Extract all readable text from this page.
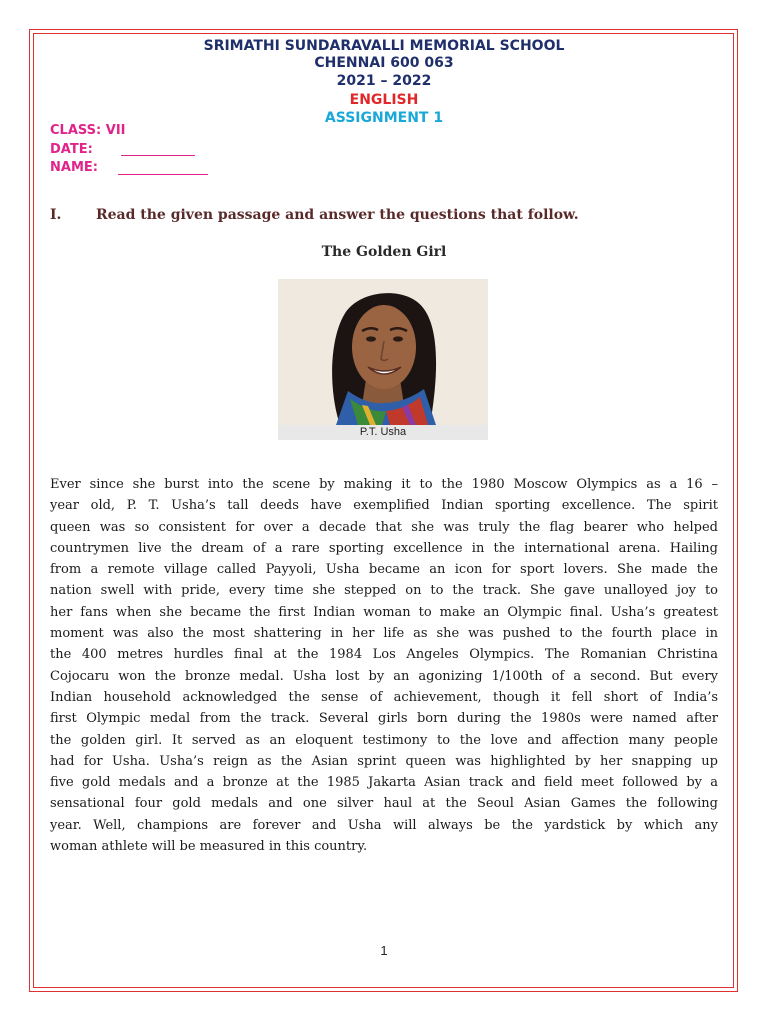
SRIMATHI SUNDARAVALLI MEMORIAL SCHOOL
CHENNAI 600 063
2021 – 2022
ENGLISH
ASSIGNMENT 1
CLASS: VII
DATE:
NAME:
I. Read the given passage and answer the questions that follow.
The Golden Girl
P.T. Usha
Ever since she burst into the scene by making it to the 1980 Moscow Olympics as a 16 –
year old, P. T. Usha’s tall deeds have exemplified Indian sporting excellence. The spirit
queen was so consistent for over a decade that she was truly the flag bearer who helped
countrymen live the dream of a rare sporting excellence in the international arena. Hailing
from a remote village called Payyoli, Usha became an icon for sport lovers. She made the
nation swell with pride, every time she stepped on to the track. She gave unalloyed joy to
her fans when she became the first Indian woman to make an Olympic final. Usha’s greatest
moment was also the most shattering in her life as she was pushed to the fourth place in
the 400 metres hurdles final at the 1984 Los Angeles Olympics. The Romanian Christina
Cojocaru won the bronze medal. Usha lost by an agonizing 1/100th of a second. But every
Indian household acknowledged the sense of achievement, though it fell short of India’s
first Olympic medal from the track. Several girls born during the 1980s were named after
the golden girl. It served as an eloquent testimony to the love and affection many people
had for Usha. Usha’s reign as the Asian sprint queen was highlighted by her snapping up
five gold medals and a bronze at the 1985 Jakarta Asian track and field meet followed by a
sensational four gold medals and one silver haul at the Seoul Asian Games the following
year. Well, champions are forever and Usha will always be the yardstick by which any
woman athlete will be measured in this country.
1
